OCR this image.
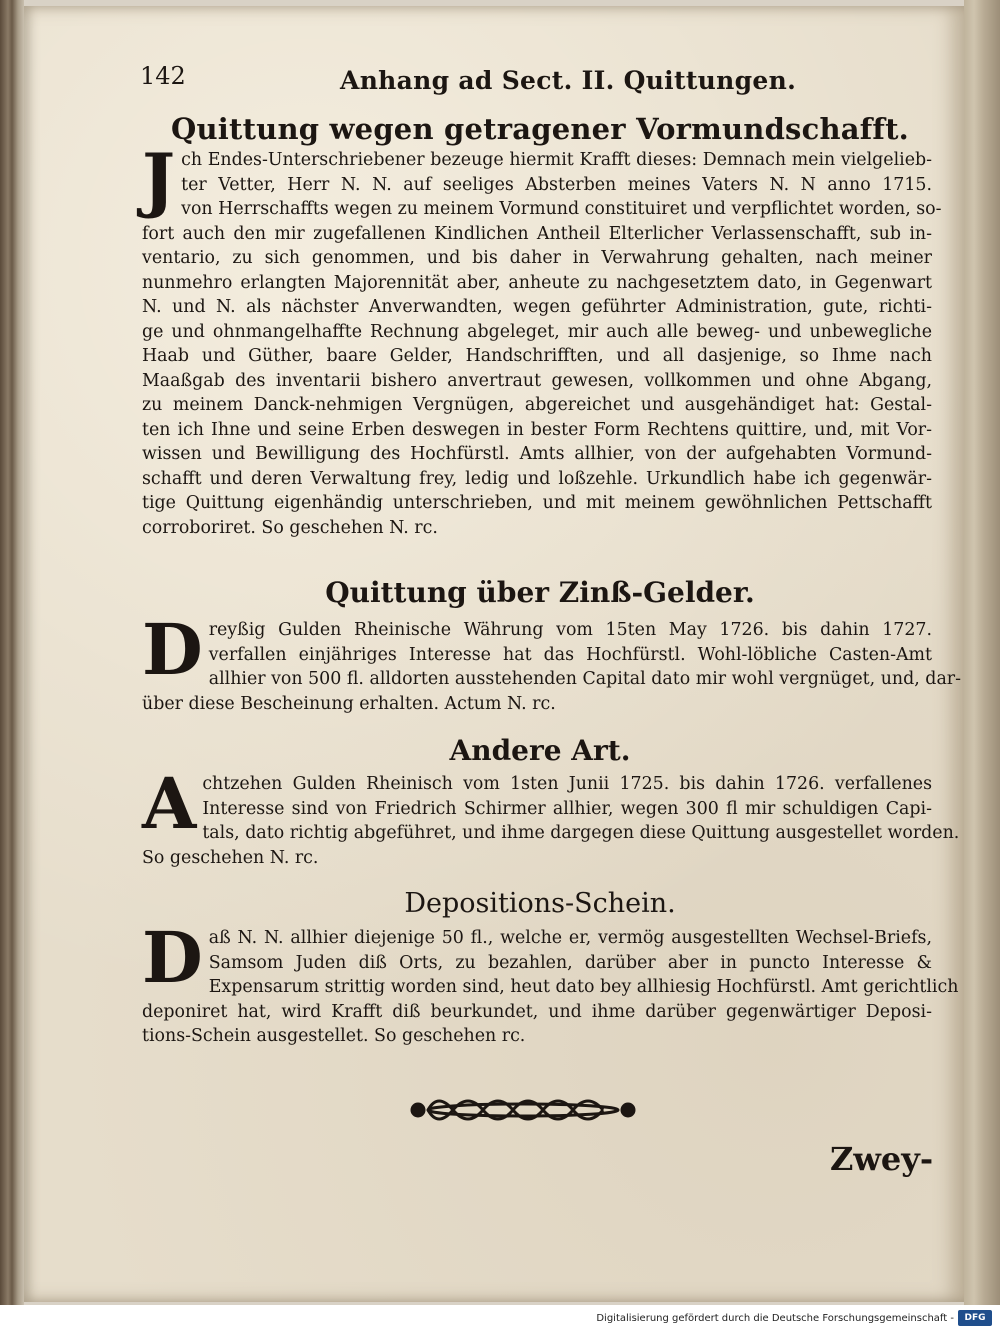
142	Anhang ad Sect. II. Quittungen.
Quittung wegen getragener Vormundschafft.
J ch Endes-Unterschriebener bezeuge hiermit Krafft dieses: Demnach mein vielgelieb-
ter Vetter, Herr N. N. auf seeliges Absterben meines Vaters N. N anno 1715.
von Herrschaffts wegen zu meinem Vormund constituiret und verpflichtet worden, so-
fort auch den mir zugefallenen Kindlichen Antheil Elterlicher Verlassenschafft, sub in-
ventario, zu sich genommen, und bis daher in Verwahrung gehalten, nach meiner
nunmehro erlangten Majorennität aber, anheute zu nachgesetztem dato, in Gegenwart
N. und N. als nächster Anverwandten, wegen geführter Administration, gute, richti-
ge und ohnmangelhaffte Rechnung abgeleget, mir auch alle beweg- und unbewegliche
Haab und Güther, baare Gelder, Handschrifften, und all dasjenige, so Ihme nach
Maaßgab des inventarii bishero anvertraut gewesen, vollkommen und ohne Abgang,
zu meinem Danck-nehmigen Vergnügen, abgereichet und ausgehändiget hat: Gestal-
ten ich Ihne und seine Erben deswegen in bester Form Rechtens quittire, und, mit Vor-
wissen und Bewilligung des Hochfürstl. Amts allhier, von der aufgehabten Vormund-
schafft und deren Verwaltung frey, ledig und loßzehle. Urkundlich habe ich gegenwär-
tige Quittung eigenhändig unterschrieben, und mit meinem gewöhnlichen Pettschafft
corroboriret. So geschehen N. rc.
Quittung über Zinß-Gelder.
D reyßig Gulden Rheinische Währung vom 15ten May 1726. bis dahin 1727.
verfallen einjähriges Interesse hat das Hochfürstl. Wohl-löbliche Casten-Amt
allhier von 500 fl. alldorten ausstehenden Capital dato mir wohl vergnüget, und, dar-
über diese Bescheinung erhalten. Actum N. rc.
Andere Art.
A chtzehen Gulden Rheinisch vom 1sten Junii 1725. bis dahin 1726. verfallenes
Interesse sind von Friedrich Schirmer allhier, wegen 300 fl mir schuldigen Capi-
tals, dato richtig abgeführet, und ihme dargegen diese Quittung ausgestellet worden.
So geschehen N. rc.
Depositions-Schein.
D aß N. N. allhier diejenige 50 fl., welche er, vermög ausgestellten Wechsel-Briefs,
Samsom Juden diß Orts, zu bezahlen, darüber aber in puncto Interesse &
Expensarum strittig worden sind, heut dato bey allhiesig Hochfürstl. Amt gerichtlich
deponiret hat, wird Krafft diß beurkundet, und ihme darüber gegenwärtiger Deposi-
tions-Schein ausgestellet. So geschehen rc.
Zwey-
Digitalisierung gefördert durch die Deutsche Forschungsgemeinschaft -	DFG
